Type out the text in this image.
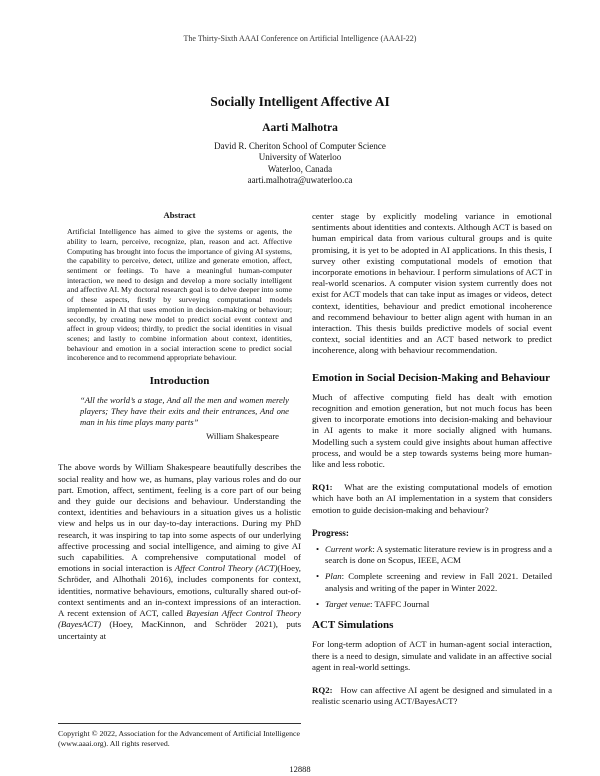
The Thirty-Sixth AAAI Conference on Artificial Intelligence (AAAI-22)
Socially Intelligent Affective AI
Aarti Malhotra
David R. Cheriton School of Computer Science
University of Waterloo
Waterloo, Canada
aarti.malhotra@uwaterloo.ca
Abstract

Artificial Intelligence has aimed to give the systems or agents, the ability to learn, perceive, recognize, plan, reason and act. Affective Computing has brought into focus the importance of giving AI systems, the capability to perceive, detect, utilize and generate emotion, affect, sentiment or feelings. To have a meaningful human-computer interaction, we need to design and develop a more socially intelligent and affective AI. My doctoral research goal is to delve deeper into some of these aspects, firstly by surveying computational models implemented in AI that uses emotion in decision-making or behaviour; secondly, by creating new model to predict social event context and affect in group videos; thirdly, to predict the social identities in visual scenes; and lastly to combine information about context, identities, behaviour and emotion in a social interaction scene to predict social incoherence and to recommend appropriate behaviour.

Introduction

“All the world’s a stage, And all the men and women merely players; They have their exits and their entrances, And one man in his time plays many parts”

William Shakespeare

The above words by William Shakespeare beautifully describes the social reality and how we, as humans, play various roles and do our part. Emotion, affect, sentiment, feeling is a core part of our being and they guide our decisions and behaviour. Understanding the context, identities and behaviours in a situation gives us a holistic view and helps us in our day-to-day interactions. During my PhD research, it was inspiring to tap into some aspects of our underlying affective processing and social intelligence, and aiming to give AI such capabilities. A comprehensive computational model of emotions in social interaction is Affect Control Theory (ACT)(Hoey, Schröder, and Alhothali 2016), includes components for context, identities, normative behaviours, emotions, culturally shared out-of-context sentiments and an in-context impressions of an interaction. A recent extension of ACT, called Bayesian Affect Control Theory (BayesACT) (Hoey, MacKinnon, and Schröder 2021), puts uncertainty at

Copyright © 2022, Association for the Advancement of Artificial Intelligence (www.aaai.org). All rights reserved.

center stage by explicitly modeling variance in emotional sentiments about identities and contexts. Although ACT is based on human empirical data from various cultural groups and is quite promising, it is yet to be adopted in AI applications. In this thesis, I survey other existing computational models of emotion that incorporate emotions in behaviour. I perform simulations of ACT in real-world scenarios. A computer vision system currently does not exist for ACT models that can take input as images or videos, detect context, identities, behaviour and predict emotional incoherence and recommend behaviour to better align agent with human in an interaction. This thesis builds predictive models of social event context, social identities and an ACT based network to predict incoherence, along with behaviour recommendation.

Emotion in Social Decision-Making and Behaviour

Much of affective computing field has dealt with emotion recognition and emotion generation, but not much focus has been given to incorporate emotions into decision-making and behaviour in AI agents to make it more socially aligned with humans. Modelling such a system could give insights about human affective process, and would be a step towards systems being more human-like and less robotic.

RQ1: What are the existing computational models of emotion which have both an AI implementation in a system that considers emotion to guide decision-making and behaviour?

Progress:
• Current work: A systematic literature review is in progress and a search is done on Scopus, IEEE, ACM
• Plan: Complete screening and review in Fall 2021. Detailed analysis and writing of the paper in Winter 2022.
• Target venue: TAFFC Journal
ACT Simulations

For long-term adoption of ACT in human-agent social interaction, there is a need to design, simulate and validate in an affective social agent in real-world settings.

RQ2: How can affective AI agent be designed and simulated in a realistic scenario using ACT/BayesACT?

12888
